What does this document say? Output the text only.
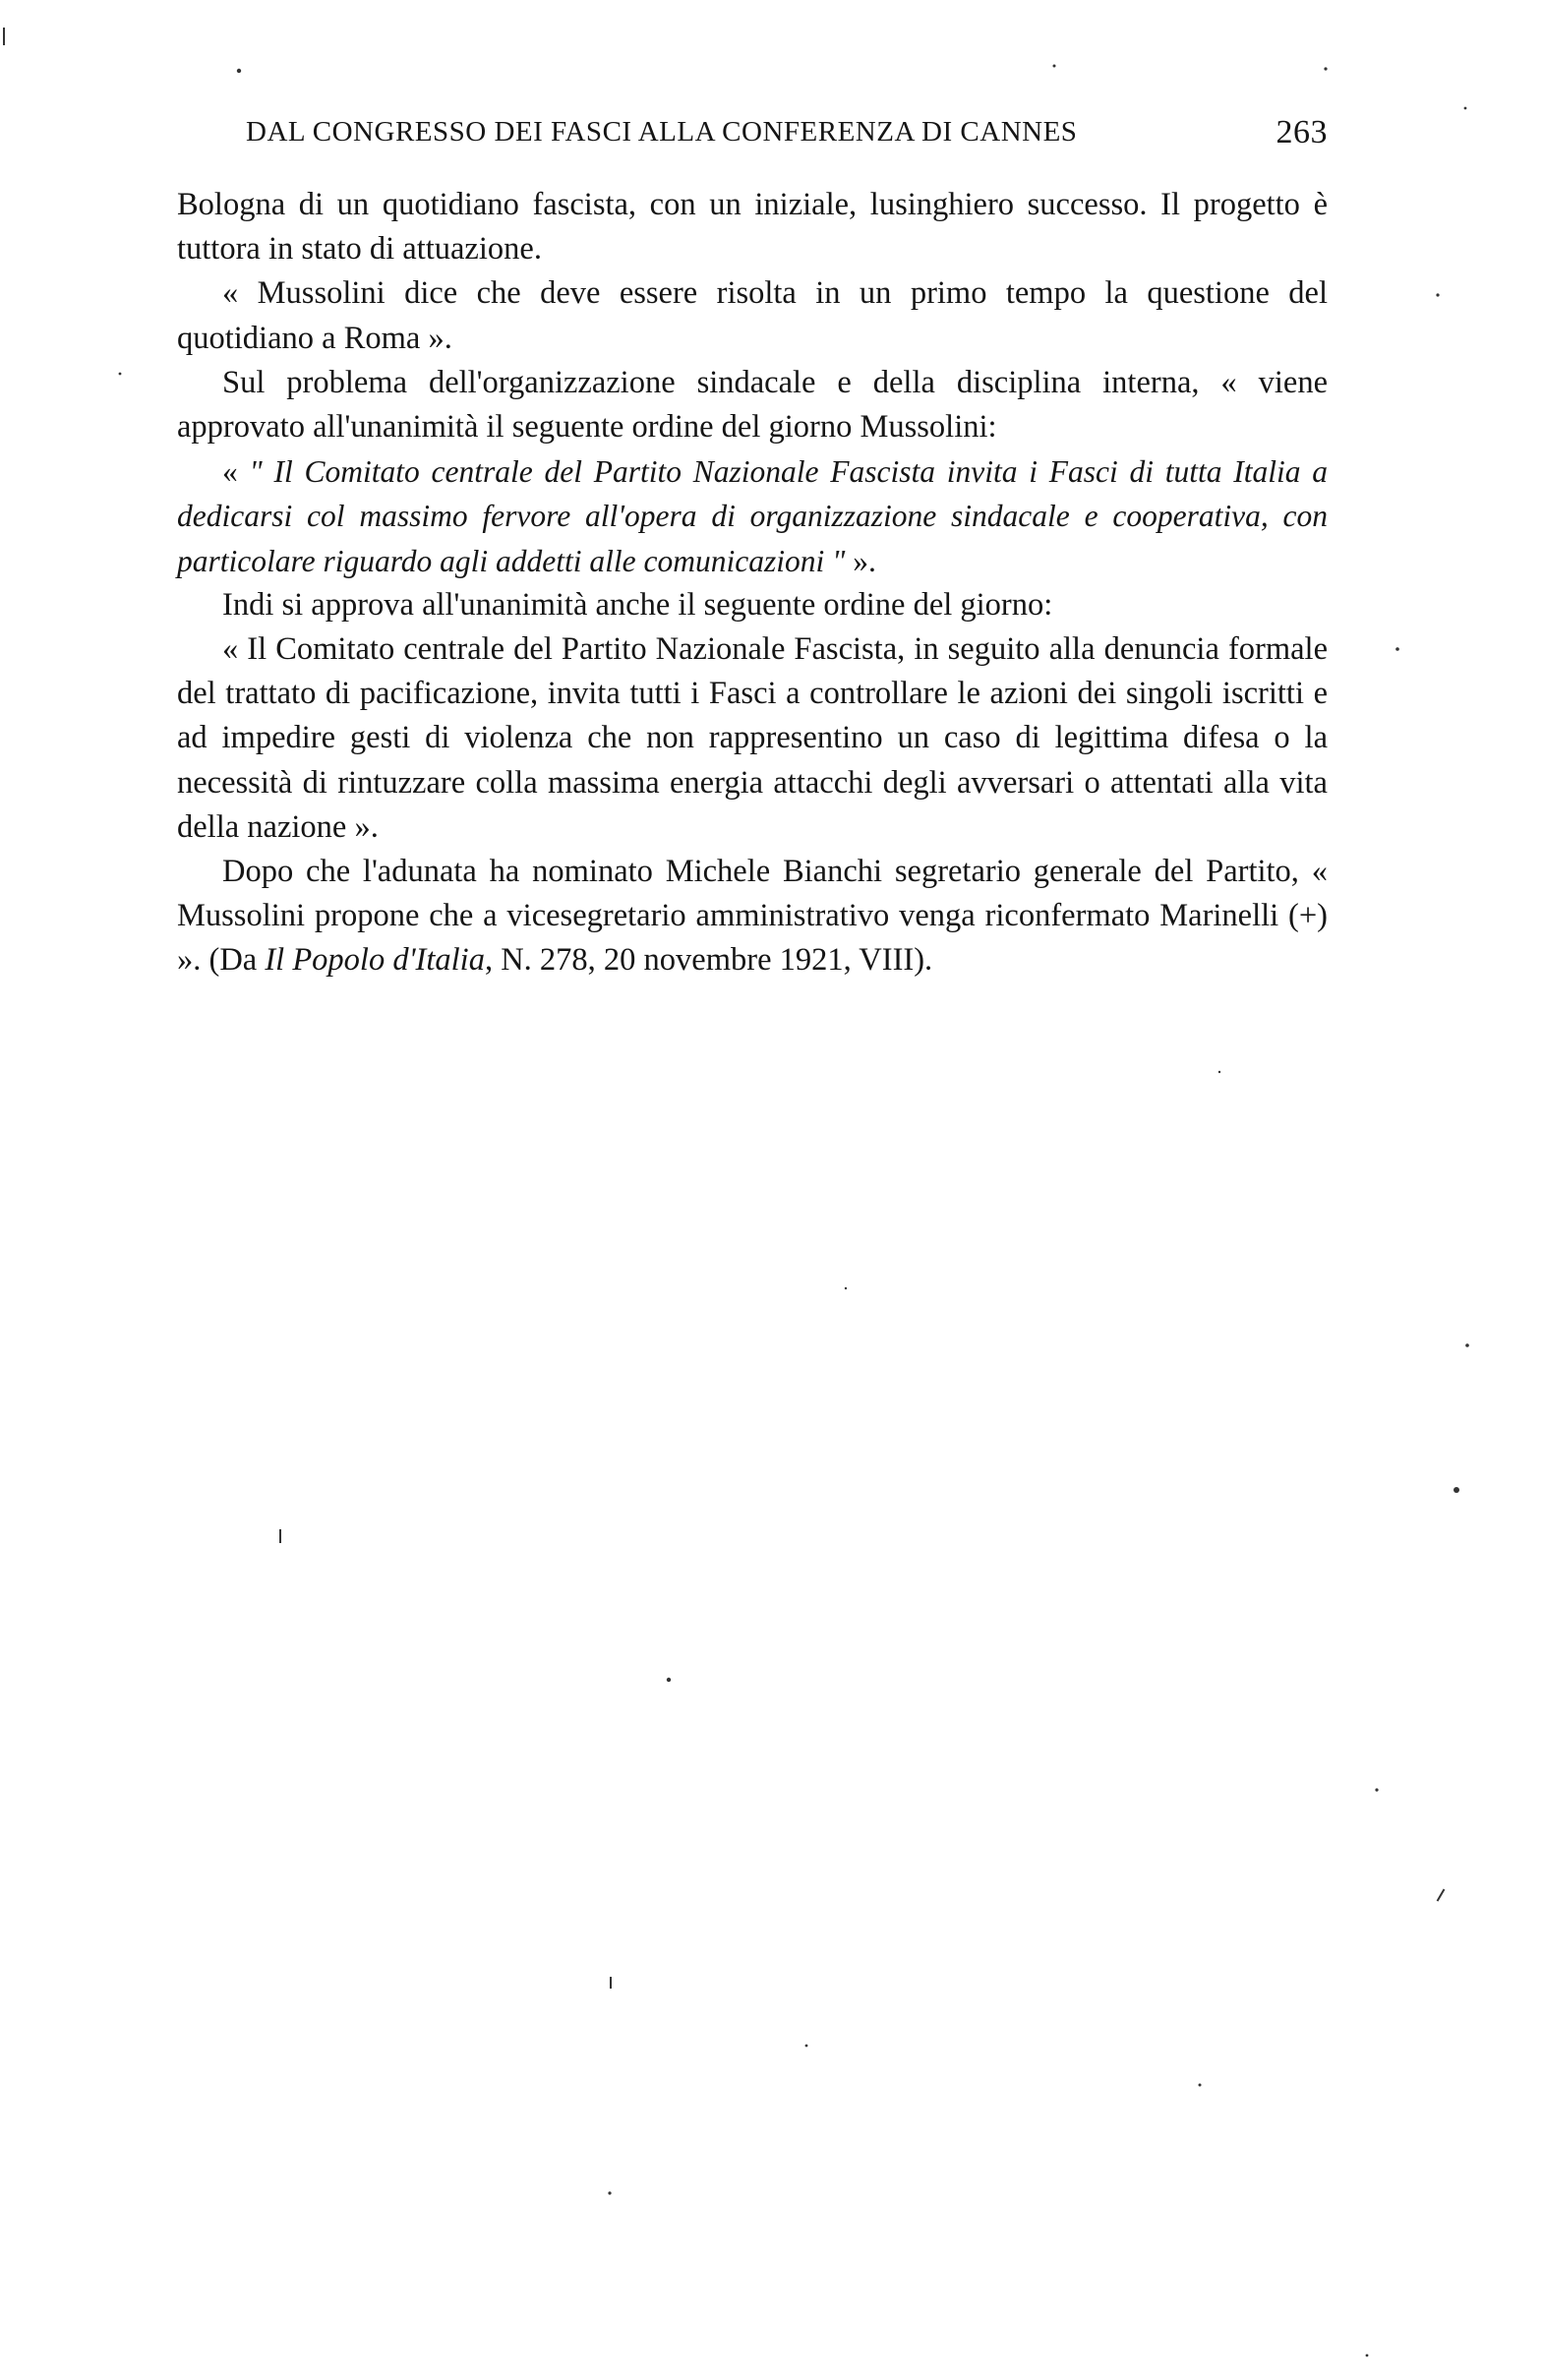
DAL CONGRESSO DEI FASCI ALLA CONFERENZA DI CANNES	263

Bologna di un quotidiano fascista, con un iniziale, lusinghiero successo. Il progetto è tuttora in stato di attuazione.

« Mussolini dice che deve essere risolta in un primo tempo la questione del quotidiano a Roma ».

Sul problema dell'organizzazione sindacale e della disciplina interna, « viene approvato all'unanimità il seguente ordine del giorno Mussolini:

« " Il Comitato centrale del Partito Nazionale Fascista invita i Fasci di tutta Italia a dedicarsi col massimo fervore all'opera di organizzazione sindacale e cooperativa, con particolare riguardo agli addetti alle comunicazioni " ».

Indi si approva all'unanimità anche il seguente ordine del giorno:

« Il Comitato centrale del Partito Nazionale Fascista, in seguito alla denuncia formale del trattato di pacificazione, invita tutti i Fasci a controllare le azioni dei singoli iscritti e ad impedire gesti di violenza che non rappresentino un caso di legittima difesa o la necessità di rintuzzare colla massima energia attacchi degli avversari o attentati alla vita della nazione ».

Dopo che l'adunata ha nominato Michele Bianchi segretario generale del Partito, « Mussolini propone che a vicesegretario amministrativo venga riconfermato Marinelli (+) ». (Da Il Popolo d'Italia, N. 278, 20 novembre 1921, VIII).
